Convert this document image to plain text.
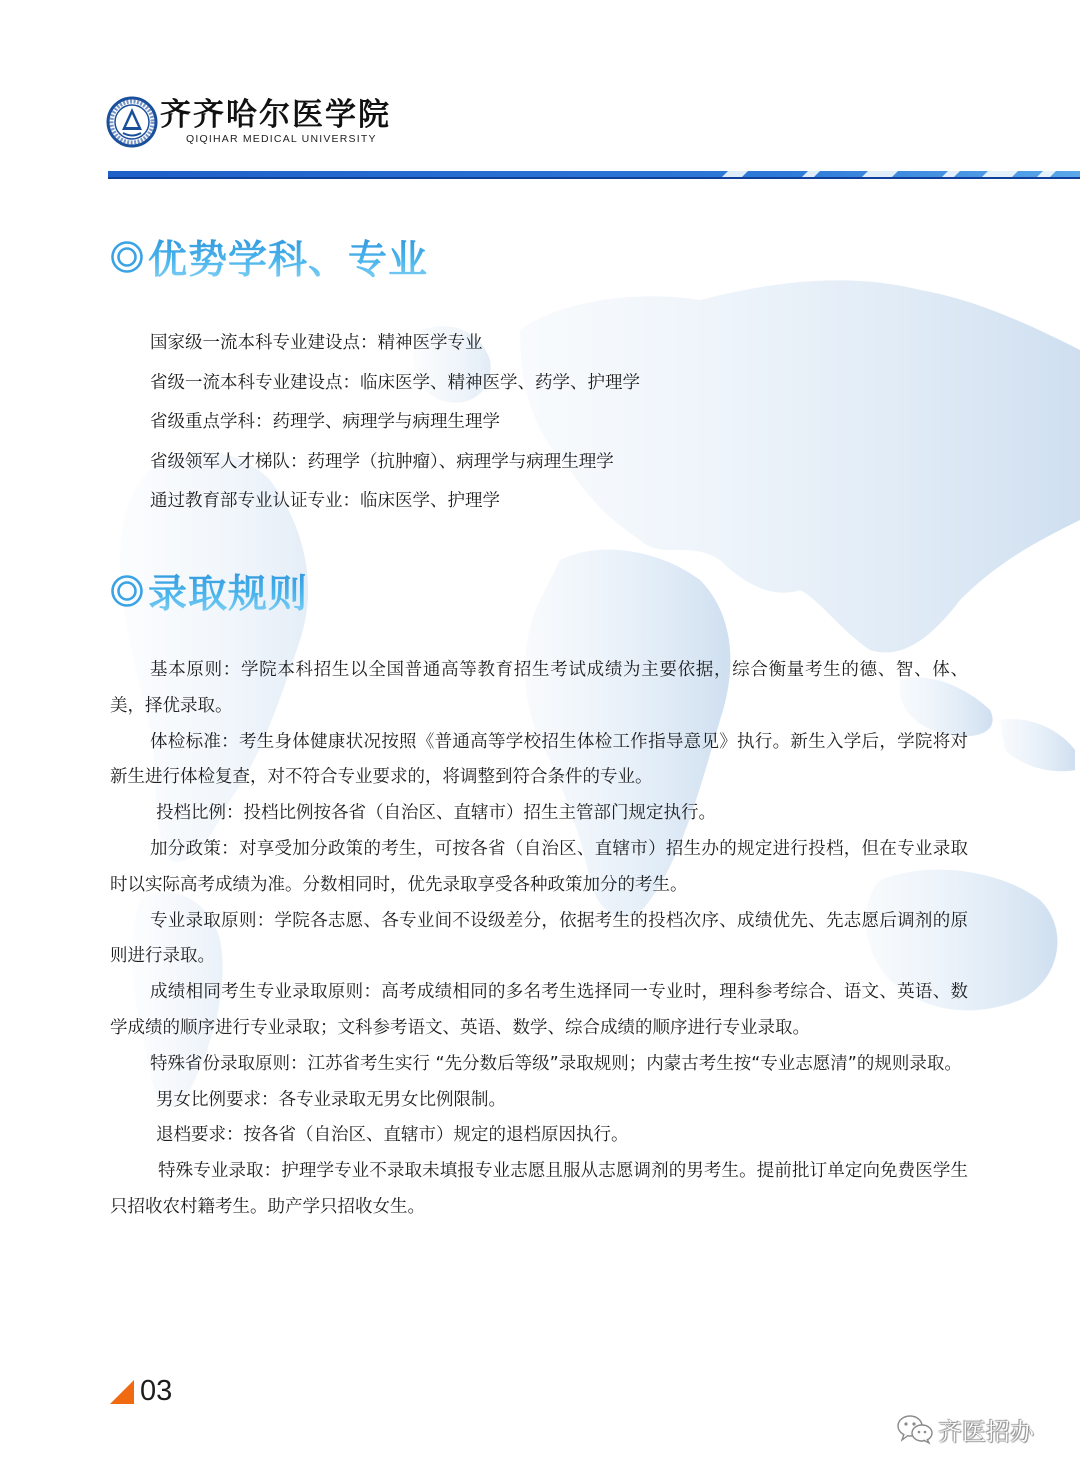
齐齐哈尔医学院
QIQIHAR MEDICAL UNIVERSITY
优势学科、专业
国家级一流本科专业建设点：精神医学专业
省级一流本科专业建设点：临床医学、精神医学、药学、护理学
省级重点学科：药理学、病理学与病理生理学
省级领军人才梯队：药理学（抗肿瘤）、病理学与病理生理学
通过教育部专业认证专业：临床医学、护理学
录取规则

基本原则：学院本科招生以全国普通高等教育招生考试成绩为主要依据，综合衡量考生的德、智、体、美，择优录取。

体检标准：考生身体健康状况按照《普通高等学校招生体检工作指导意见》执行。新生入学后，学院将对新生进行体检复查，对不符合专业要求的，将调整到符合条件的专业。

投档比例：投档比例按各省（自治区、直辖市）招生主管部门规定执行。

加分政策：对享受加分政策的考生，可按各省（自治区、直辖市）招生办的规定进行投档，但在专业录取时以实际高考成绩为准。分数相同时，优先录取享受各种政策加分的考生。

专业录取原则：学院各志愿、各专业间不设级差分，依据考生的投档次序、成绩优先、先志愿后调剂的原则进行录取。

成绩相同考生专业录取原则：高考成绩相同的多名考生选择同一专业时，理科参考综合、语文、英语、数学成绩的顺序进行专业录取；文科参考语文、英语、数学、综合成绩的顺序进行专业录取。

特殊省份录取原则：江苏省考生实行 “先分数后等级”录取规则；内蒙古考生按“专业志愿清”的规则录取。

男女比例要求：各专业录取无男女比例限制。

退档要求：按各省（自治区、直辖市）规定的退档原因执行。

特殊专业录取：护理学专业不录取未填报专业志愿且服从志愿调剂的男考生。提前批订单定向免费医学生只招收农村籍考生。助产学只招收女生。

03
齐医招办
